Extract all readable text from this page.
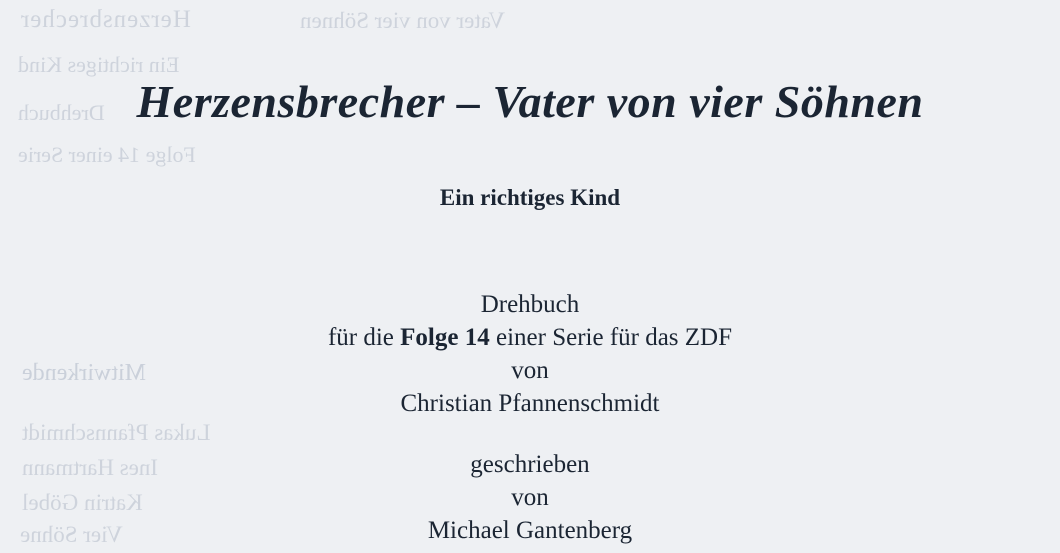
Herzensbrecher	Vater von vier Söhnen
Ein richtiges Kind
Drehbuch
Folge 14 einer Serie
Mitwirkende
Lukas Pfannschmidt
Ines Hartmann
Katrin Göbel
Vier Söhne
Herzensbrecher – Vater von vier Söhnen
Ein richtiges Kind
Drehbuch
für die Folge 14 einer Serie für das ZDF
von
Christian Pfannenschmidt
geschrieben
von
Michael Gantenberg
